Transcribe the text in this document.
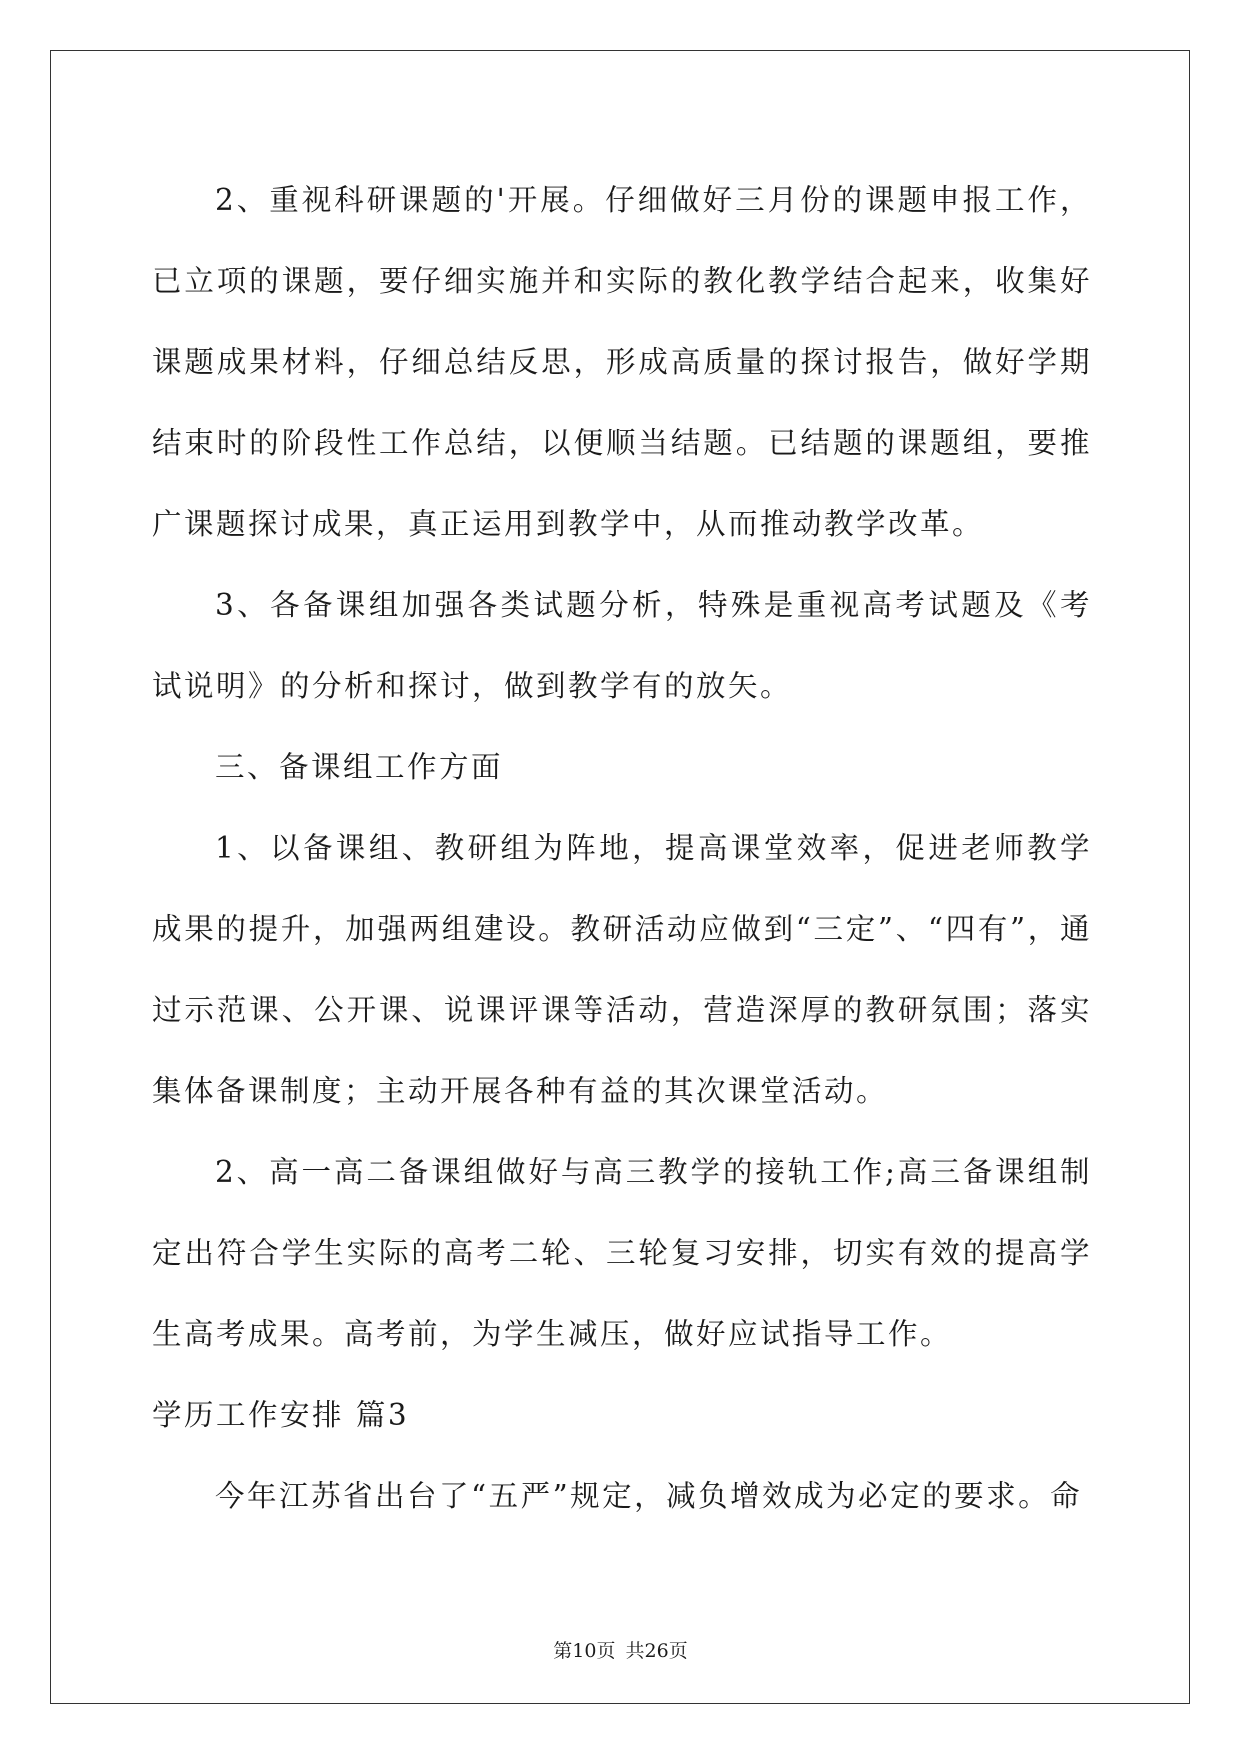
2、重视科研课题的'开展。仔细做好三月份的课题申报工作，已立项的课题，要仔细实施并和实际的教化教学结合起来，收集好课题成果材料，仔细总结反思，形成高质量的探讨报告，做好学期结束时的阶段性工作总结，以便顺当结题。已结题的课题组，要推广课题探讨成果，真正运用到教学中，从而推动教学改革。

3、各备课组加强各类试题分析，特殊是重视高考试题及《考试说明》的分析和探讨，做到教学有的放矢。

三、备课组工作方面

1、以备课组、教研组为阵地，提高课堂效率，促进老师教学成果的提升，加强两组建设。教研活动应做到“三定”、“四有”，通过示范课、公开课、说课评课等活动，营造深厚的教研氛围；落实集体备课制度；主动开展各种有益的其次课堂活动。

2、高一高二备课组做好与高三教学的接轨工作;高三备课组制定出符合学生实际的高考二轮、三轮复习安排，切实有效的提高学生高考成果。高考前，为学生减压，做好应试指导工作。

学历工作安排 篇3

今年江苏省出台了“五严”规定，减负增效成为必定的要求。命

第10页 共26页
